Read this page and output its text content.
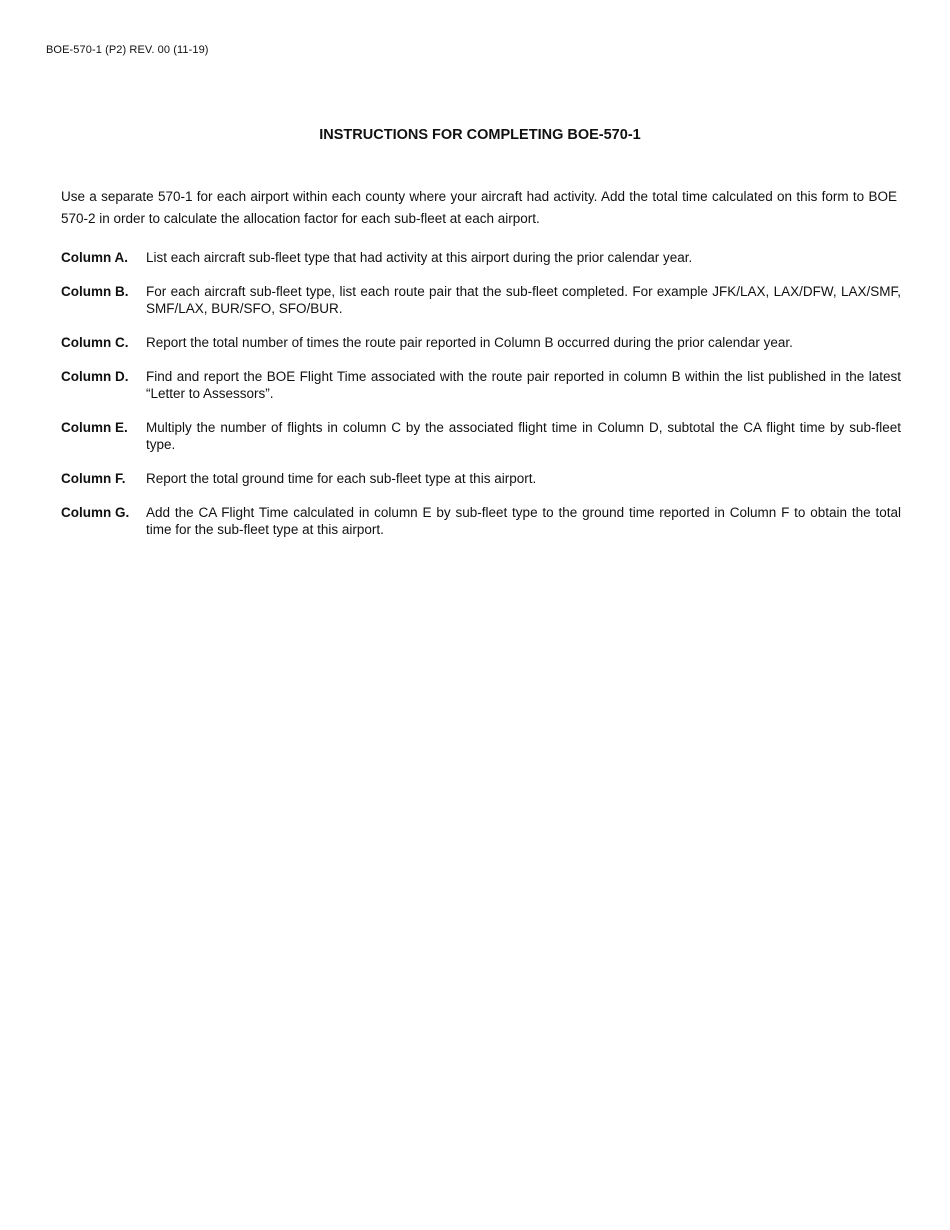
BOE-570-1 (P2) REV. 00 (11-19)
INSTRUCTIONS FOR COMPLETING BOE-570-1

Use a separate 570-1 for each airport within each county where your aircraft had activity. Add the total time calculated on this form to BOE 570-2 in order to calculate the allocation factor for each sub-fleet at each airport.

Column A.	List each aircraft sub-fleet type that had activity at this airport during the prior calendar year.
Column B.	For each aircraft sub-fleet type, list each route pair that the sub-fleet completed. For example JFK/LAX, LAX/DFW, LAX/SMF, SMF/LAX, BUR/SFO, SFO/BUR.
Column C.	Report the total number of times the route pair reported in Column B occurred during the prior calendar year.
Column D.	Find and report the BOE Flight Time associated with the route pair reported in column B within the list published in the latest “Letter to Assessors”.
Column E.	Multiply the number of flights in column C by the associated flight time in Column D, subtotal the CA flight time by sub-fleet type.
Column F.	Report the total ground time for each sub-fleet type at this airport.
Column G.	Add the CA Flight Time calculated in column E by sub-fleet type to the ground time reported in Column F to obtain the total time for the sub-fleet type at this airport.
